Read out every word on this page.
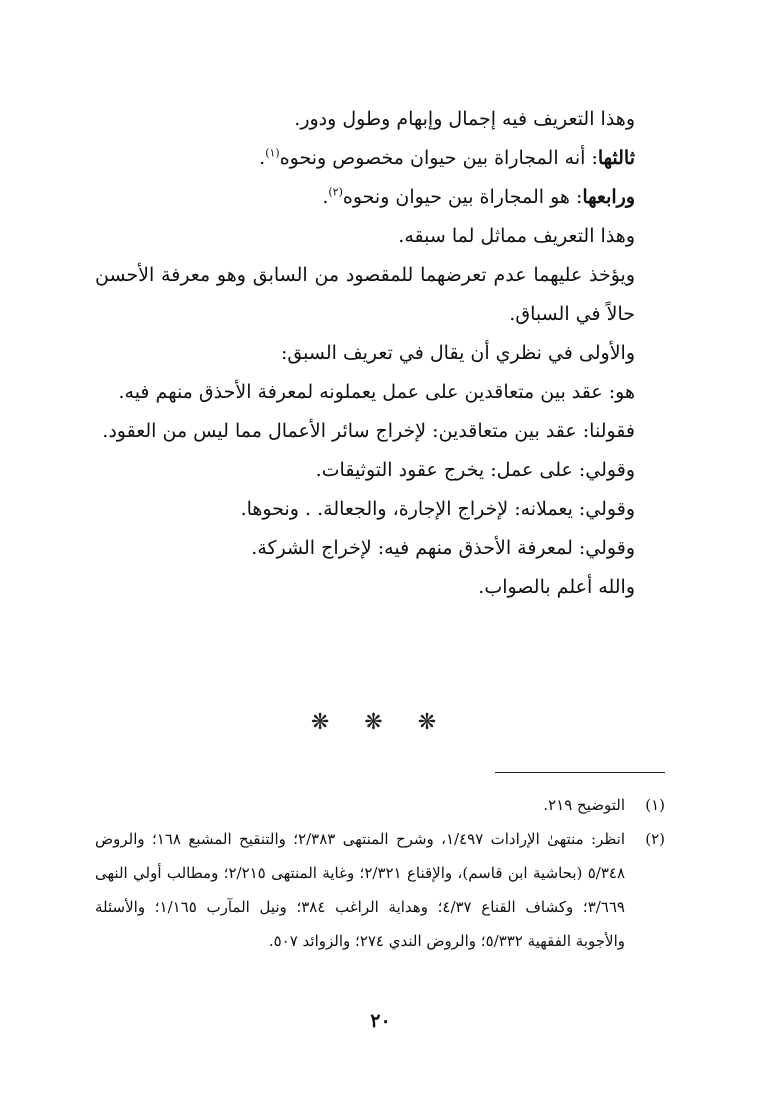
وهذا التعريف فيه إجمال وإبهام وطول ودور.

ثالثها: أنه المجاراة بين حيوان مخصوص ونحوه$^{(١)}$.

ورابعها: هو المجاراة بين حيوان ونحوه$^{(٢)}$.

وهذا التعريف مماثل لما سبقه.

ويؤخذ عليهما عدم تعرضهما للمقصود من السابق وهو معرفة الأحسن حالاً في السباق.

والأولى في نظري أن يقال في تعريف السبق:

هو: عقد بين متعاقدين على عمل يعملونه لمعرفة الأحذق منهم فيه.

فقولنا: عقد بين متعاقدين: لإخراج سائر الأعمال مما ليس من العقود.

وقولي: على عمل: يخرج عقود التوثيقات.

وقولي: يعملانه: لإخراج الإجارة، والجعالة. . ونحوها.

وقولي: لمعرفة الأحذق منهم فيه: لإخراج الشركة.

والله أعلم بالصواب.

❋ ❋ ❋
(١)
التوضيح ٢١٩.
(٢)
انظر: منتهىٰ الإرادات ١/٤٩٧، وشرح المنتهى ٢/٣٨٣؛ والتنقيح المشبع ١٦٨؛ والروض ٥/٣٤٨ (بحاشية ابن قاسم)، والإقناع ٢/٣٢١؛ وغاية المنتهى ٢/٢١٥؛ ومطالب أولي النهى ٣/٦٦٩؛ وكشاف القناع ٤/٣٧؛ وهداية الراغب ٣٨٤؛ ونيل المآرب ١/١٦٥؛ والأسئلة والأجوبة الفقهية ٥/٣٣٢؛ والروض الندي ٢٧٤؛ والزوائد ٥٠٧.
٢٠
